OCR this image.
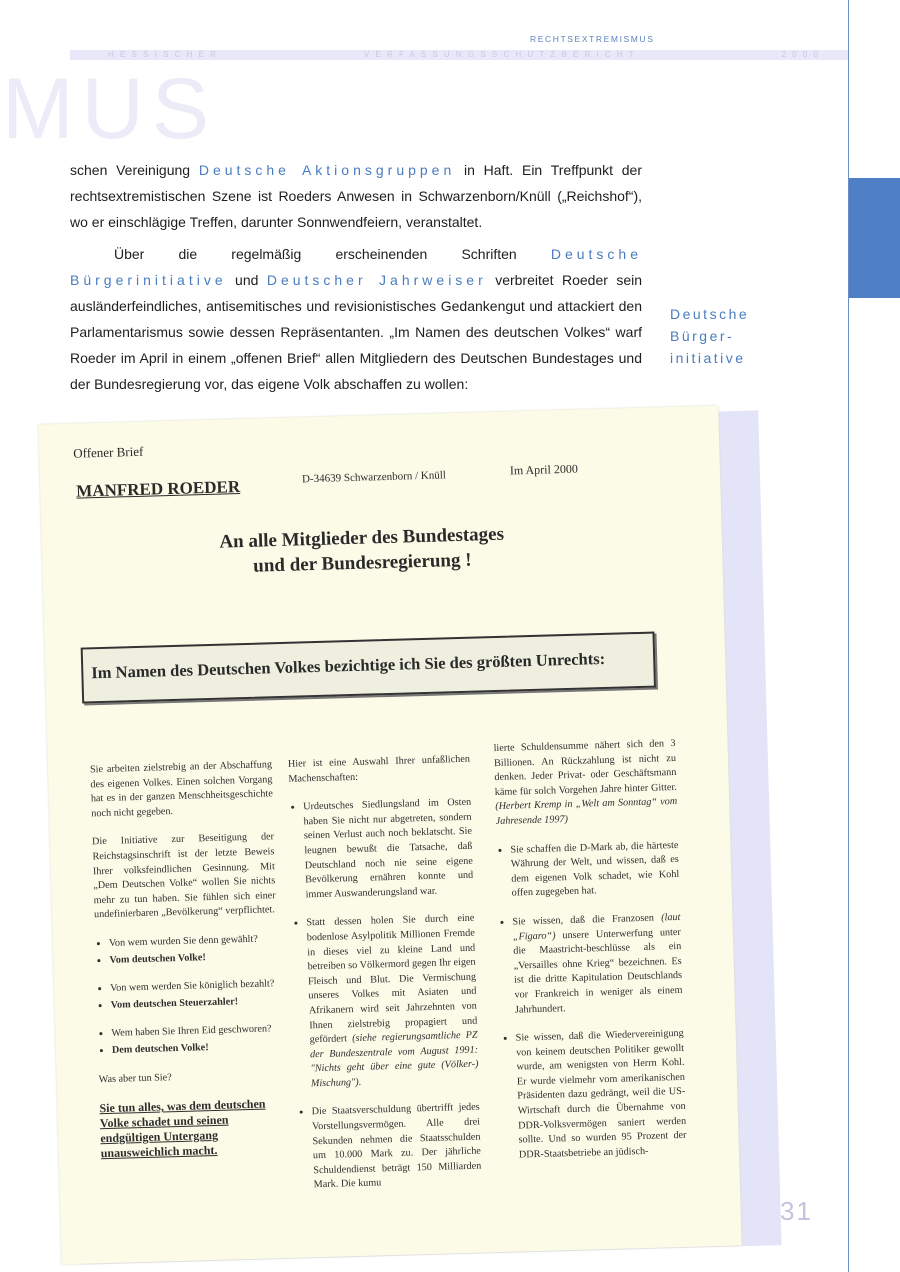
RECHTSEXTREMISMUS
H E S S I S C H E R	V E R F A S S U N G S S C H U T Z B E R I C H T	2 0 0 0
MUS
schen Vereinigung Deutsche Aktionsgruppen in Haft. Ein Treffpunkt der rechtsextremistischen Szene ist Roeders Anwesen in Schwarzenborn/Knüll („Reichshof“), wo er einschlägige Treffen, darunter Sonnwendfeiern, veranstaltet.
Über die regelmäßig erscheinenden Schriften Deutsche Bürgerinitiative und Deutscher Jahrweiser verbreitet Roeder sein ausländerfeindliches, antisemitisches und revisionistisches Gedankengut und attackiert den Parlamentarismus sowie dessen Repräsentanten. „Im Namen des deutschen Volkes“ warf Roeder im April in einem „offenen Brief“ allen Mitgliedern des Deutschen Bundestages und der Bundesregierung vor, das eigene Volk abschaffen zu wollen:
Deutsche
Bürger-
initiative
Offener Brief
MANFRED ROEDER	D-34639 Schwarzenborn / Knüll	Im April 2000
An alle Mitglieder des Bundestages
und der Bundesregierung !
Im Namen des Deutschen Volkes bezichtige ich Sie des größten Unrechts:

Sie arbeiten zielstrebig an der Abschaffung des eigenen Volkes. Einen solchen Vorgang hat es in der ganzen Menschheitsgeschichte noch nicht gegeben.

Die Initiative zur Beseitigung der Reichstagsinschrift ist der letzte Beweis Ihrer volksfeindlichen Gesinnung. Mit „Dem Deutschen Volke“ wollen Sie nichts mehr zu tun haben. Sie fühlen sich einer undefinierbaren „Bevölkerung“ verpflichtet.

• Von wem wurden Sie denn gewählt?
• Vom deutschen Volke!
• Von wem werden Sie königlich bezahlt?
• Vom deutschen Steuerzahler!
• Wem haben Sie Ihren Eid geschworen?
• Dem deutschen Volke!

Was aber tun Sie?

Sie tun alles, was dem deutschen Volke schadet und seinen endgültigen Untergang unausweichlich macht.

Hier ist eine Auswahl Ihrer unfaßlichen Machenschaften:

• Urdeutsches Siedlungsland im Osten haben Sie nicht nur abgetreten, sondern seinen Verlust auch noch beklatscht. Sie leugnen bewußt die Tatsache, daß Deutschland noch nie seine eigene Bevölkerung ernähren konnte und immer Auswanderungsland war.
• Statt dessen holen Sie durch eine bodenlose Asylpolitik Millionen Fremde in dieses viel zu kleine Land und betreiben so Völkermord gegen Ihr eigen Fleisch und Blut. Die Vermischung unseres Volkes mit Asiaten und Afrikanern wird seit Jahrzehnten von Ihnen zielstrebig propagiert und gefördert (siehe regierungsamtliche PZ der Bundeszentrale vom August 1991: "Nichts geht über eine gute (Völker-) Mischung").
• Die Staatsverschuldung übertrifft jedes Vorstellungsvermögen. Alle drei Sekunden nehmen die Staatsschulden um 10.000 Mark zu. Der jährliche Schuldendienst beträgt 150 Milliarden Mark. Die kumu

lierte Schuldensumme nähert sich den 3 Billionen. An Rückzahlung ist nicht zu denken. Jeder Privat- oder Geschäftsmann käme für solch Vorgehen Jahre hinter Gitter. (Herbert Kremp in „Welt am Sonntag“ vom Jahresende 1997)

• Sie schaffen die D-Mark ab, die härteste Währung der Welt, und wissen, daß es dem eigenen Volk schadet, wie Kohl offen zugegeben hat.
• Sie wissen, daß die Franzosen (laut „Figaro“) unsere Unterwerfung unter die Maastricht-beschlüsse als ein „Versailles ohne Krieg“ bezeichnen. Es ist die dritte Kapitulation Deutschlands vor Frankreich in weniger als einem Jahrhundert.
• Sie wissen, daß die Wiedervereinigung von keinem deutschen Politiker gewollt wurde, am wenigsten von Herrn Kohl. Er wurde vielmehr vom amerikanischen Präsidenten dazu gedrängt, weil die US-Wirtschaft durch die Übernahme von DDR-Volksvermögen saniert werden sollte. Und so wurden 95 Prozent der DDR-Staatsbetriebe an jüdisch-
31
